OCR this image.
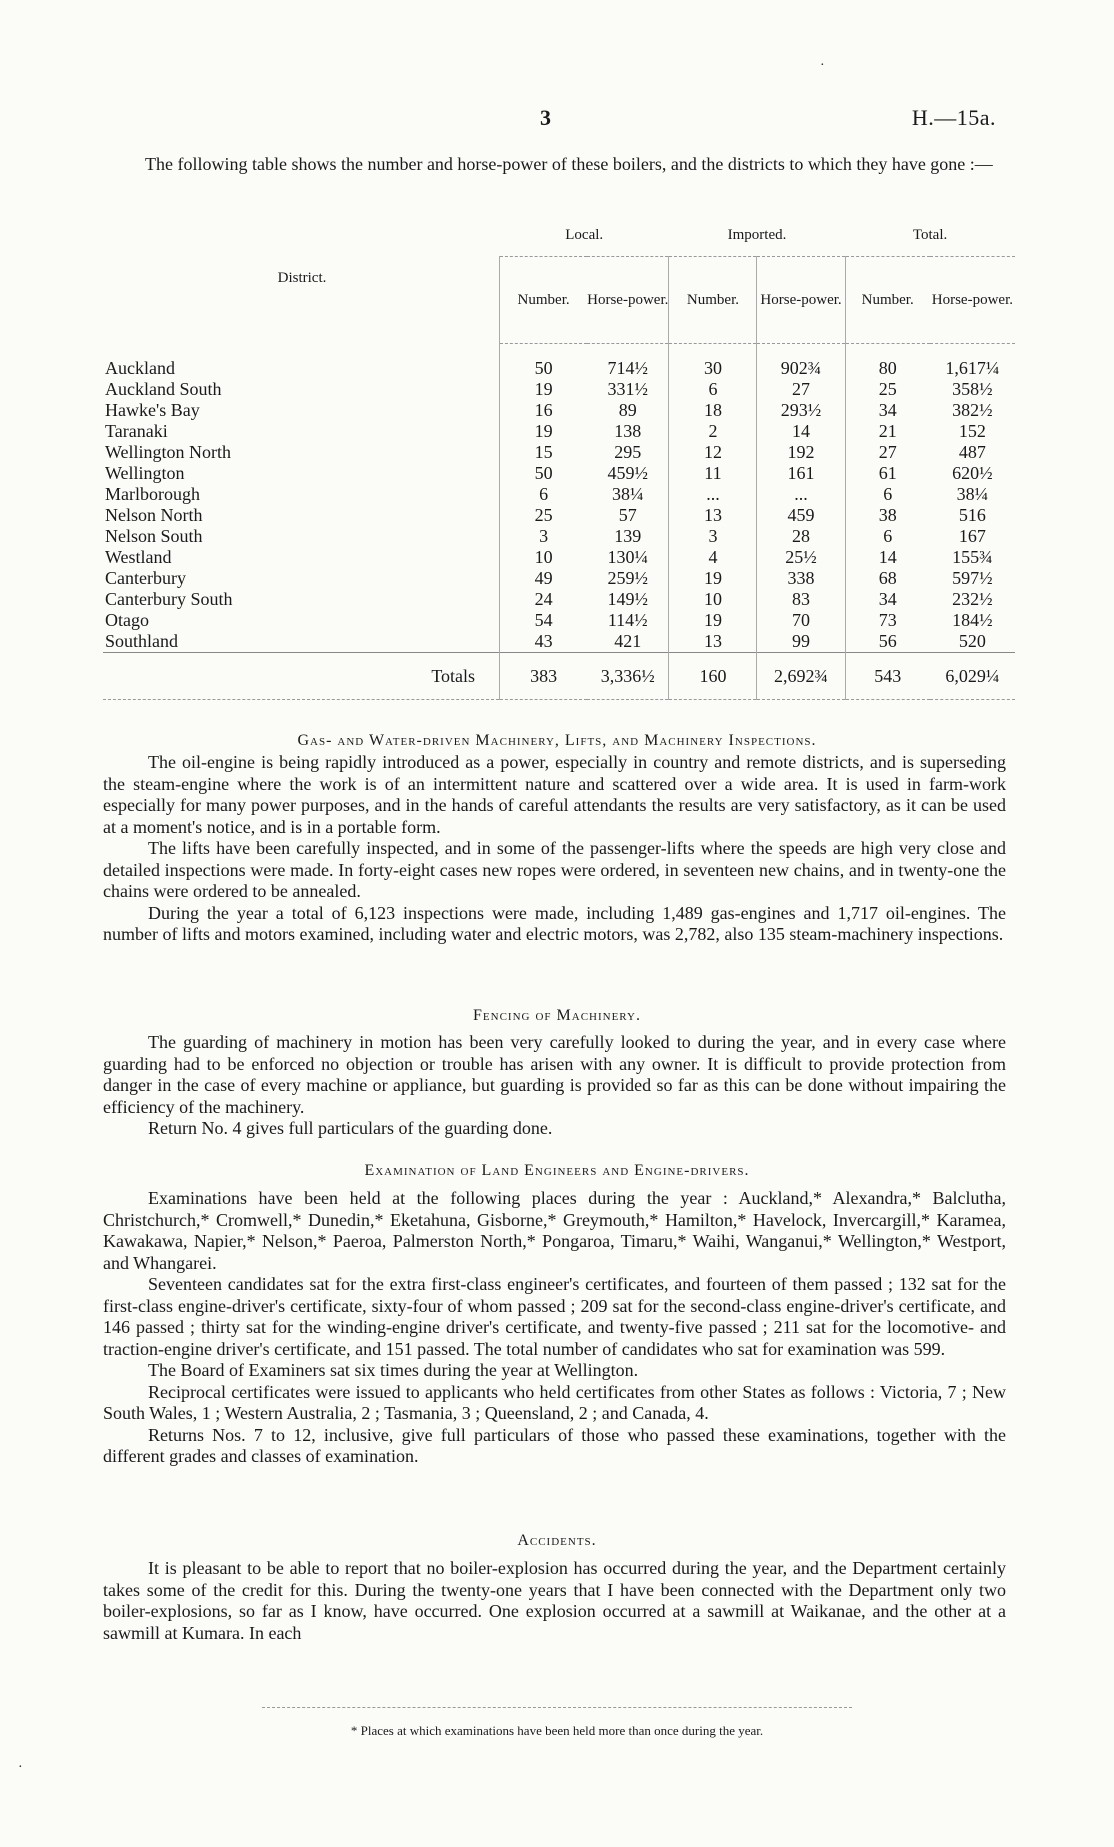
3	H.—15a.
The following table shows the number and horse-power of these boilers, and the districts to which they have gone :—
District.	Local.		Imported.		Total.	
	Number.	Horse-power.	Number.	Horse-power.	Number.	Horse-power.
Auckland	50	714½	30	902¾	80	1,617¼
Auckland South	19	331½	6	27	25	358½
Hawke's Bay	16	89	18	293½	34	382½
Taranaki	19	138	2	14	21	152
Wellington North	15	295	12	192	27	487
Wellington	50	459½	11	161	61	620½
Marlborough	6	38¼	...	...	6	38¼
Nelson North	25	57	13	459	38	516
Nelson South	3	139	3	28	6	167
Westland	10	130¼	4	25½	14	155¾
Canterbury	49	259½	19	338	68	597½
Canterbury South	24	149½	10	83	34	232½
Otago	54	114½	19	70	73	184½
Southland	43	421	13	99	56	520
Totals	383	3,336½	160	2,692¾	543	6,029¼
Gas- and Water-driven Machinery, Lifts, and Machinery Inspections.

The oil-engine is being rapidly introduced as a power, especially in country and remote districts, and is superseding the steam-engine where the work is of an intermittent nature and scattered over a wide area. It is used in farm-work especially for many power purposes, and in the hands of careful attendants the results are very satisfactory, as it can be used at a moment's notice, and is in a portable form.

The lifts have been carefully inspected, and in some of the passenger-lifts where the speeds are high very close and detailed inspections were made. In forty-eight cases new ropes were ordered, in seventeen new chains, and in twenty-one the chains were ordered to be annealed.

During the year a total of 6,123 inspections were made, including 1,489 gas-engines and 1,717 oil-engines. The number of lifts and motors examined, including water and electric motors, was 2,782, also 135 steam-machinery inspections.

Fencing of Machinery.

The guarding of machinery in motion has been very carefully looked to during the year, and in every case where guarding had to be enforced no objection or trouble has arisen with any owner. It is difficult to provide protection from danger in the case of every machine or appliance, but guarding is provided so far as this can be done without impairing the efficiency of the machinery.

Return No. 4 gives full particulars of the guarding done.

Examination of Land Engineers and Engine-drivers.

Examinations have been held at the following places during the year : Auckland,* Alexandra,* Balclutha, Christchurch,* Cromwell,* Dunedin,* Eketahuna, Gisborne,* Greymouth,* Hamilton,* Havelock, Invercargill,* Karamea, Kawakawa, Napier,* Nelson,* Paeroa, Palmerston North,* Pongaroa, Timaru,* Waihi, Wanganui,* Wellington,* Westport, and Whangarei.

Seventeen candidates sat for the extra first-class engineer's certificates, and fourteen of them passed ; 132 sat for the first-class engine-driver's certificate, sixty-four of whom passed ; 209 sat for the second-class engine-driver's certificate, and 146 passed ; thirty sat for the winding-engine driver's certificate, and twenty-five passed ; 211 sat for the locomotive- and traction-engine driver's certificate, and 151 passed. The total number of candidates who sat for examination was 599.

The Board of Examiners sat six times during the year at Wellington.

Reciprocal certificates were issued to applicants who held certificates from other States as follows : Victoria, 7 ; New South Wales, 1 ; Western Australia, 2 ; Tasmania, 3 ; Queensland, 2 ; and Canada, 4.

Returns Nos. 7 to 12, inclusive, give full particulars of those who passed these examinations, together with the different grades and classes of examination.

Accidents.

It is pleasant to be able to report that no boiler-explosion has occurred during the year, and the Department certainly takes some of the credit for this. During the twenty-one years that I have been connected with the Department only two boiler-explosions, so far as I know, have occurred. One explosion occurred at a sawmill at Waikanae, and the other at a sawmill at Kumara. In each

* Places at which examinations have been held more than once during the year.
·
·
